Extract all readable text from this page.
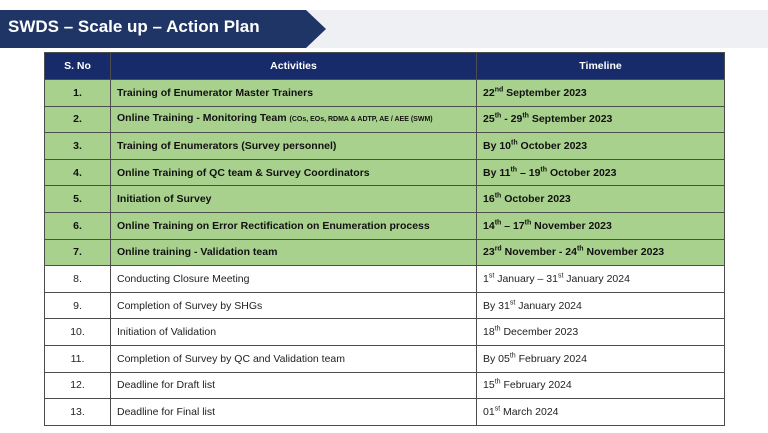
SWDS – Scale up – Action Plan
S. No	Activities	Timeline
1.	Training of Enumerator Master Trainers	22nd September 2023
2.	Online Training - Monitoring Team (COs, EOs, RDMA & ADTP, AE / AEE (SWM)	25th - 29th September 2023
3.	Training of Enumerators (Survey personnel)	By 10th October 2023
4.	Online Training of QC team & Survey Coordinators	By 11th – 19th October 2023
5.	Initiation of Survey	16th October 2023
6.	Online Training on Error Rectification on Enumeration process	14th – 17th November 2023
7.	Online training - Validation team	23rd November - 24th November 2023
8.	Conducting Closure Meeting	1st January – 31st January 2024
9.	Completion of Survey by SHGs	By 31st January 2024
10.	Initiation of Validation	18th December 2023
11.	Completion of Survey by QC and Validation team	By 05th February 2024
12.	Deadline for Draft list	15th February 2024
13.	Deadline for Final list	01st March 2024
